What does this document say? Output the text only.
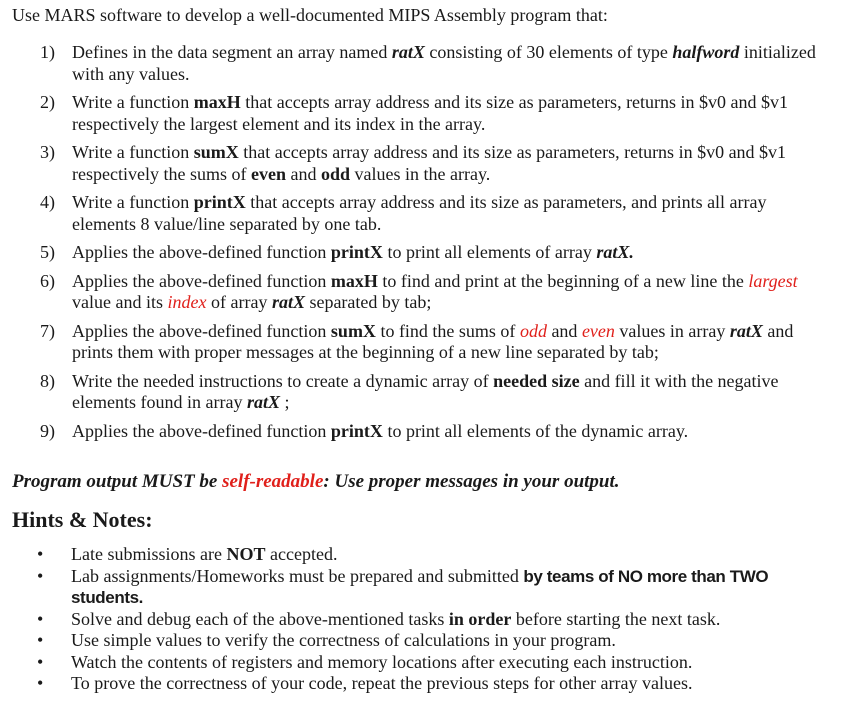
Use MARS software to develop a well-documented MIPS Assembly program that:
1) Defines in the data segment an array named ratX consisting of 30 elements of type halfword initialized with any values.
2) Write a function maxH that accepts array address and its size as parameters, returns in $v0 and $v1 respectively the largest element and its index in the array.
3) Write a function sumX that accepts array address and its size as parameters, returns in $v0 and $v1 respectively the sums of even and odd values in the array.
4) Write a function printX that accepts array address and its size as parameters, and prints all array elements 8 value/line separated by one tab.
5) Applies the above-defined function printX to print all elements of array ratX.
6) Applies the above-defined function maxH to find and print at the beginning of a new line the largest value and its index of array ratX separated by tab;
7) Applies the above-defined function sumX to find the sums of odd and even values in array ratX and prints them with proper messages at the beginning of a new line separated by tab;
8) Write the needed instructions to create a dynamic array of needed size and fill it with the negative elements found in array ratX ;
9) Applies the above-defined function printX to print all elements of the dynamic array.
Program output MUST be self-readable: Use proper messages in your output.
Hints & Notes:
• Late submissions are NOT accepted.
• Lab assignments/Homeworks must be prepared and submitted by teams of NO more than TWO students.
• Solve and debug each of the above-mentioned tasks in order before starting the next task.
• Use simple values to verify the correctness of calculations in your program.
• Watch the contents of registers and memory locations after executing each instruction.
• To prove the correctness of your code, repeat the previous steps for other array values.
